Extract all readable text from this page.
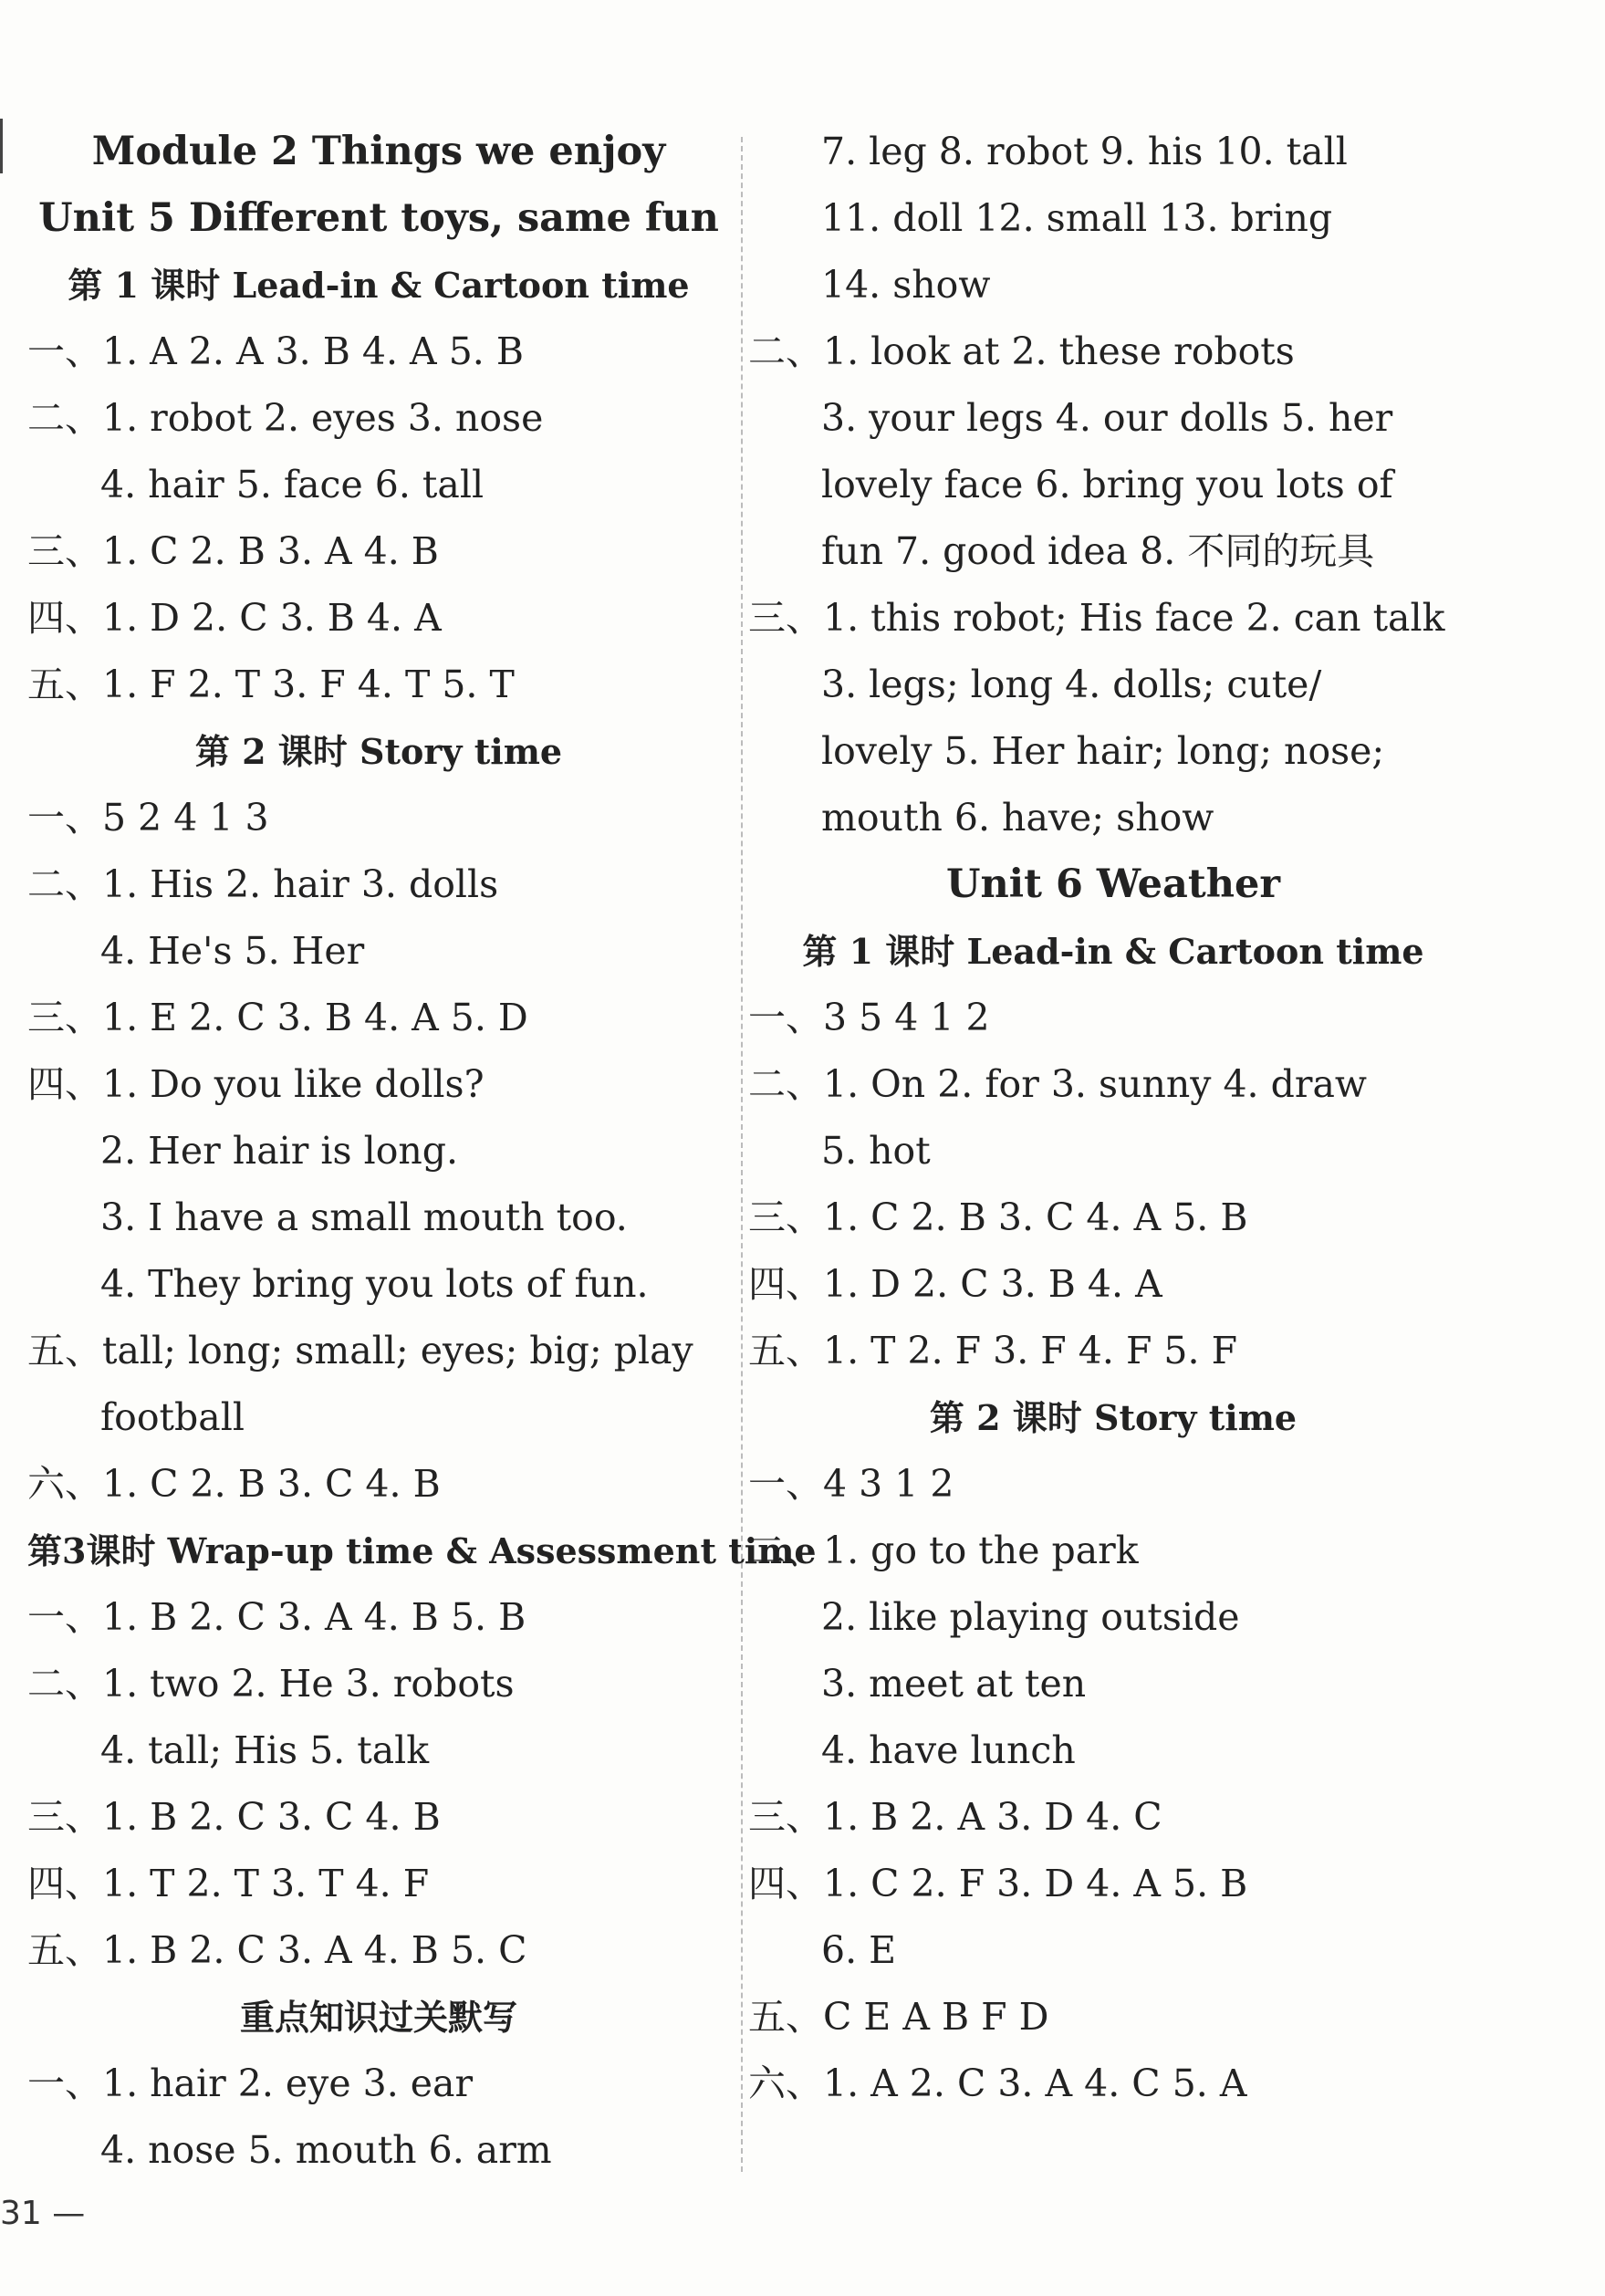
Module 2 Things we enjoy
Unit 5 Different toys, same fun
第 1 课时 Lead-in & Cartoon time
一、1. A 2. A 3. B 4. A 5. B
二、1. robot 2. eyes 3. nose
4. hair 5. face 6. tall
三、1. C 2. B 3. A 4. B
四、1. D 2. C 3. B 4. A
五、1. F 2. T 3. F 4. T 5. T
第 2 课时 Story time
一、5 2 4 1 3
二、1. His 2. hair 3. dolls
4. He's 5. Her
三、1. E 2. C 3. B 4. A 5. D
四、1. Do you like dolls?
2. Her hair is long.
3. I have a small mouth too.
4. They bring you lots of fun.
五、tall; long; small; eyes; big; play
football
六、1. C 2. B 3. C 4. B
第3课时 Wrap-up time & Assessment time
一、1. B 2. C 3. A 4. B 5. B
二、1. two 2. He 3. robots
4. tall; His 5. talk
三、1. B 2. C 3. C 4. B
四、1. T 2. T 3. T 4. F
五、1. B 2. C 3. A 4. B 5. C
重点知识过关默写
一、1. hair 2. eye 3. ear
4. nose 5. mouth 6. arm
7. leg 8. robot 9. his 10. tall
11. doll 12. small 13. bring
14. show
二、1. look at 2. these robots
3. your legs 4. our dolls 5. her
lovely face 6. bring you lots of
fun 7. good idea 8. 不同的玩具
三、1. this robot; His face 2. can talk
3. legs; long 4. dolls; cute/
lovely 5. Her hair; long; nose;
mouth 6. have; show
Unit 6 Weather
第 1 课时 Lead-in & Cartoon time
一、3 5 4 1 2
二、1. On 2. for 3. sunny 4. draw
5. hot
三、1. C 2. B 3. C 4. A 5. B
四、1. D 2. C 3. B 4. A
五、1. T 2. F 3. F 4. F 5. F
第 2 课时 Story time
一、4 3 1 2
二、1. go to the park
2. like playing outside
3. meet at ten
4. have lunch
三、1. B 2. A 3. D 4. C
四、1. C 2. F 3. D 4. A 5. B
6. E
五、C E A B F D
六、1. A 2. C 3. A 4. C 5. A
31 —
